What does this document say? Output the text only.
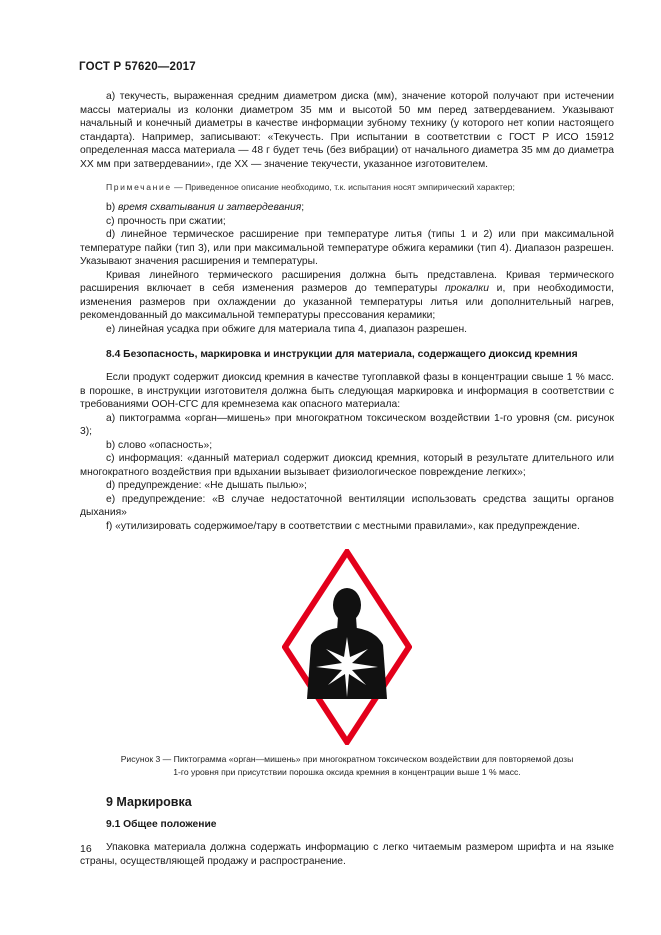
ГОСТ Р 57620—2017

а) текучесть, выраженная средним диаметром диска (мм), значение которой получают при истечении массы материалы из колонки диаметром 35 мм и высотой 50 мм перед затвердеванием. Указывают начальный и конечный диаметры в качестве информации зубному технику (у которого нет копии настоящего стандарта). Например, записывают: «Текучесть. При испытании в соответствии с ГОСТ Р ИСО 15912 определенная масса материала — 48 г будет течь (без вибрации) от начального диаметра 35 мм до диаметра XX мм при затвердевании», где XX — значение текучести, указанное изготовителем.

Примечание — Приведенное описание необходимо, т.к. испытания носят эмпирический характер;

b) время схватывания и затвердевания;

с) прочность при сжатии;

d) линейное термическое расширение при температуре литья (типы 1 и 2) или при максимальной температуре пайки (тип 3), или при максимальной температуре обжига керамики (тип 4). Диапазон разрешен. Указывают значения расширения и температуры.

Кривая линейного термического расширения должна быть представлена. Кривая термического расширения включает в себя изменения размеров до температуры прокалки и, при необходимости, изменения размеров при охлаждении до указанной температуры литья или дополнительный нагрев, рекомендованный до максимальной температуры прессования керамики;

е) линейная усадка при обжиге для материала типа 4, диапазон разрешен.

8.4 Безопасность, маркировка и инструкции для материала, содержащего диоксид кремния

Если продукт содержит диоксид кремния в качестве тугоплавкой фазы в концентрации свыше 1 % масс. в порошке, в инструкции изготовителя должна быть следующая маркировка и информация в соответствии с требованиями ООН-СГС для кремнезема как опасного материала:

а) пиктограмма «орган—мишень» при многократном токсическом воздействии 1-го уровня (см. рисунок 3);

b) слово «опасность»;

с) информация: «данный материал содержит диоксид кремния, который в результате длительного или многократного воздействия при вдыхании вызывает физиологическое повреждение легких»;

d) предупреждение: «Не дышать пылью»;

е) предупреждение: «В случае недостаточной вентиляции использовать средства защиты органов дыхания»

f) «утилизировать содержимое/тару в соответствии с местными правилами», как предупреждение.

Рисунок 3 — Пиктограмма «орган—мишень» при многократном токсическом воздействии для повторяемой дозы

1-го уровня при присутствии порошка оксида кремния в концентрации выше 1 % масс.

9 Маркировка

9.1 Общее положение

Упаковка материала должна содержать информацию с легко читаемым размером шрифта и на языке страны, осуществляющей продажу и распространение.

16
